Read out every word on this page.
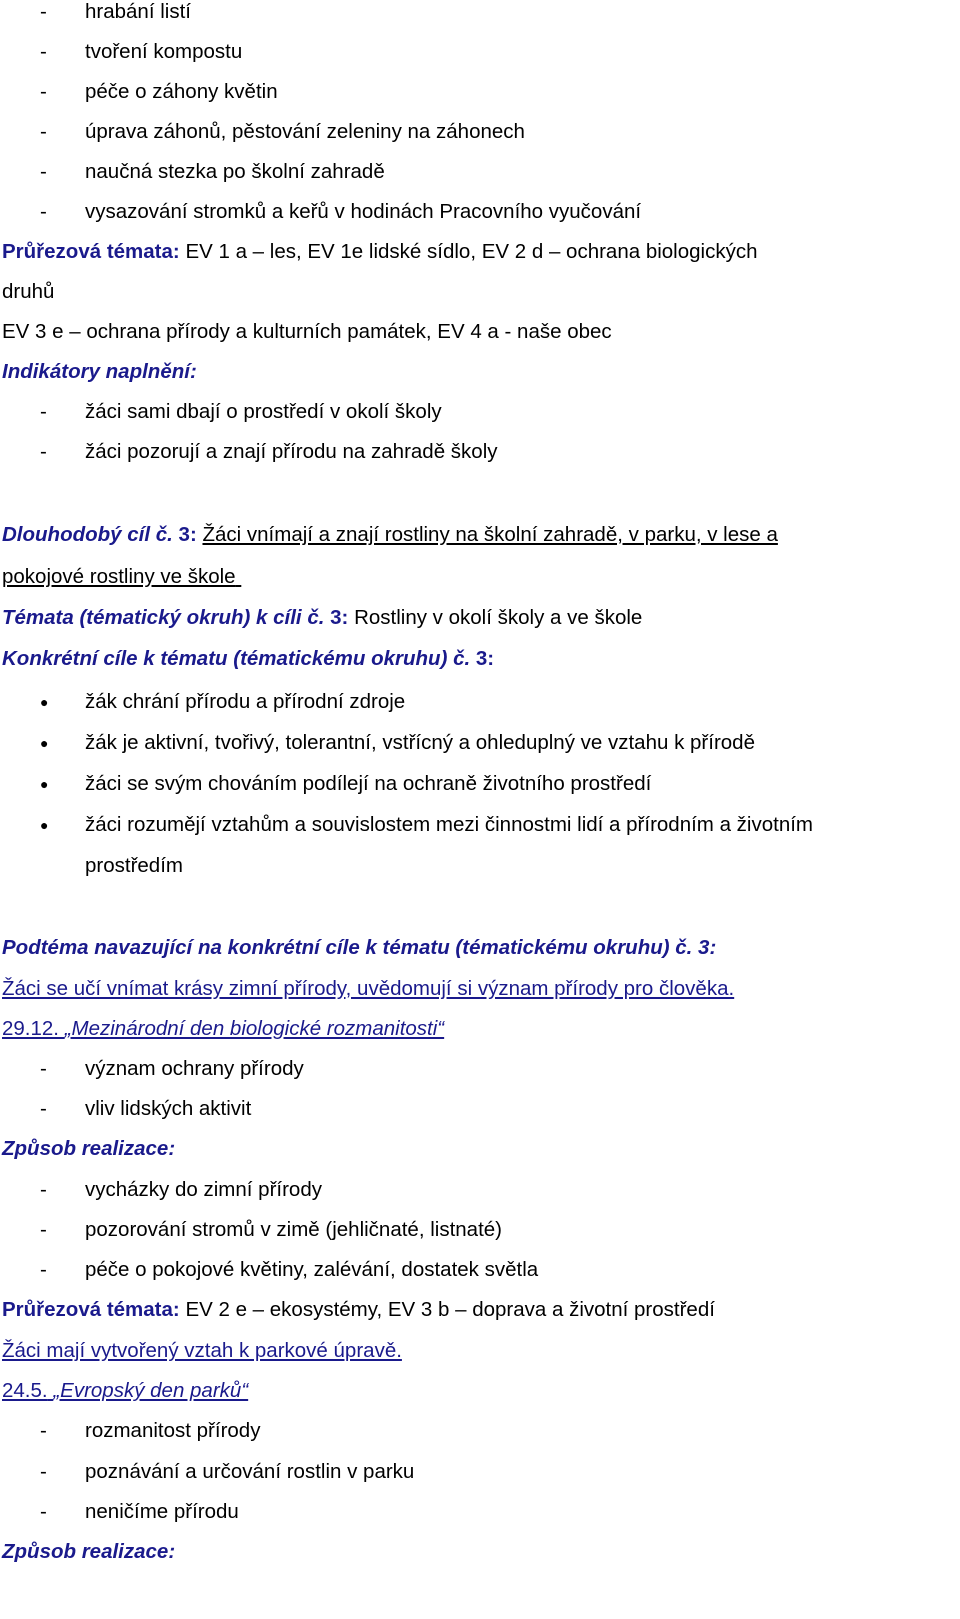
- hrabání listí
- tvoření kompostu
- péče o záhony květin
- úprava záhonů, pěstování zeleniny na záhonech
- naučná stezka po školní zahradě
- vysazování stromků a keřů v hodinách Pracovního vyučování
Průřezová témata: EV 1 a – les, EV 1e lidské sídlo, EV 2 d – ochrana biologických
druhů
EV 3 e – ochrana přírody a kulturních památek, EV 4 a - naše obec
Indikátory naplnění:
- žáci sami dbají o prostředí v okolí školy
- žáci pozorují a znají přírodu na zahradě školy
Dlouhodobý cíl č. 3: Žáci vnímají a znají rostliny na školní zahradě, v parku, v lese a
pokojové rostliny ve škole
Témata (tématický okruh) k cíli č. 3: Rostliny v okolí školy a ve škole
Konkrétní cíle k tématu (tématickému okruhu) č. 3:
● žák chrání přírodu a přírodní zdroje
● žák je aktivní, tvořivý, tolerantní, vstřícný a ohleduplný ve vztahu k přírodě
● žáci se svým chováním podílejí na ochraně životního prostředí
● žáci rozumějí vztahům a souvislostem mezi činnostmi lidí a přírodním a životním
prostředím
Podtéma navazující na konkrétní cíle k tématu (tématickému okruhu) č. 3:
Žáci se učí vnímat krásy zimní přírody, uvědomují si význam přírody pro člověka.
29.12. „Mezinárodní den biologické rozmanitosti“
- význam ochrany přírody
- vliv lidských aktivit
Způsob realizace:
- vycházky do zimní přírody
- pozorování stromů v zimě (jehličnaté, listnaté)
- péče o pokojové květiny, zalévání, dostatek světla
Průřezová témata: EV 2 e – ekosystémy, EV 3 b – doprava a životní prostředí
Žáci mají vytvořený vztah k parkové úpravě.
24.5. „Evropský den parků“
- rozmanitost přírody
- poznávání a určování rostlin v parku
- neničíme přírodu
Způsob realizace:
